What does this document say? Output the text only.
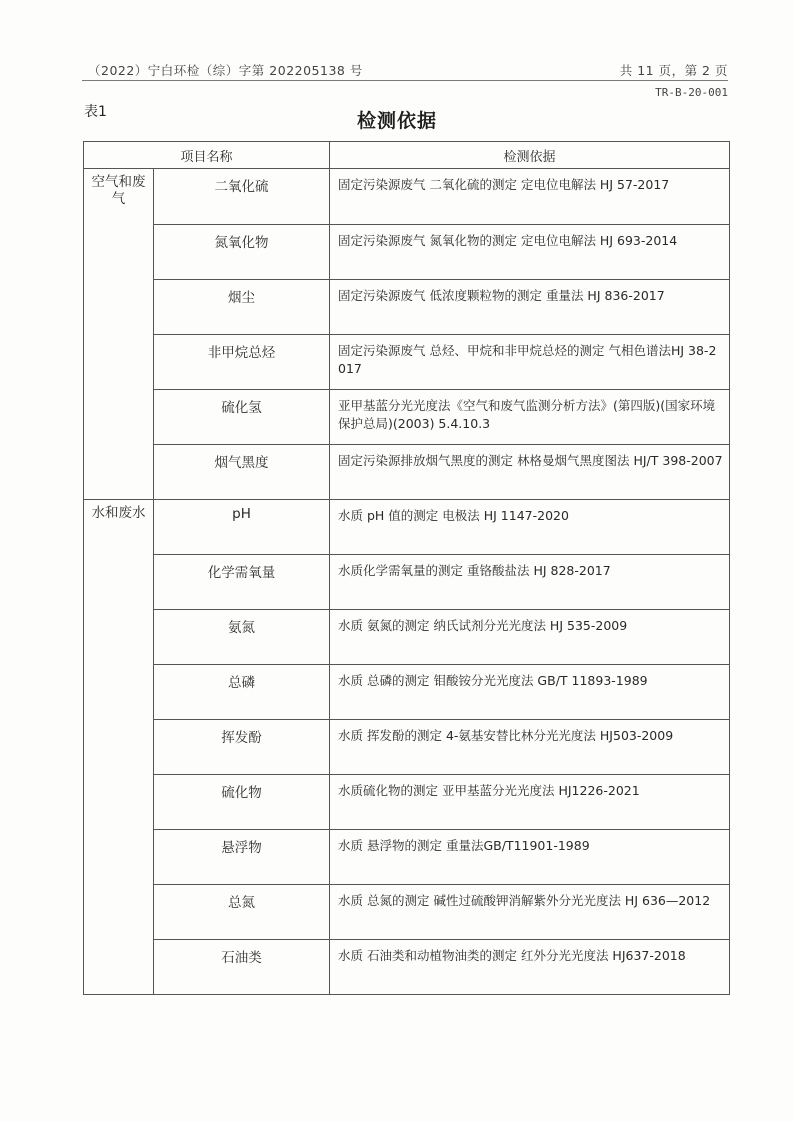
（2022）宁白环检（综）字第 202205138 号	共 11 页，第 2 页
TR-B-20-001
表1	检测依据
项目名称		检测依据
空气和废气	二氧化硫	固定污染源废气 二氧化硫的测定 定电位电解法 HJ 57-2017
	氮氧化物	固定污染源废气 氮氧化物的测定 定电位电解法 HJ 693-2014
	烟尘	固定污染源废气 低浓度颗粒物的测定 重量法 HJ 836-2017
	非甲烷总烃	固定污染源废气 总烃、甲烷和非甲烷总烃的测定 气相色谱法HJ 38-2017
	硫化氢	亚甲基蓝分光光度法《空气和废气监测分析方法》(第四版)(国家环境保护总局)(2003) 5.4.10.3
	烟气黑度	固定污染源排放烟气黑度的测定 林格曼烟气黑度图法 HJ/T 398-2007
水和废水	pH	水质 pH 值的测定 电极法 HJ 1147-2020
	化学需氧量	水质化学需氧量的测定 重铬酸盐法 HJ 828-2017
	氨氮	水质 氨氮的测定 纳氏试剂分光光度法 HJ 535-2009
	总磷	水质 总磷的测定 钼酸铵分光光度法 GB/T 11893-1989
	挥发酚	水质 挥发酚的测定 4-氨基安替比林分光光度法 HJ503-2009
	硫化物	水质硫化物的测定 亚甲基蓝分光光度法 HJ1226-2021
	悬浮物	水质 悬浮物的测定 重量法GB/T11901-1989
	总氮	水质 总氮的测定 碱性过硫酸钾消解紫外分光光度法 HJ 636—2012
	石油类	水质 石油类和动植物油类的测定 红外分光光度法 HJ637-2018
